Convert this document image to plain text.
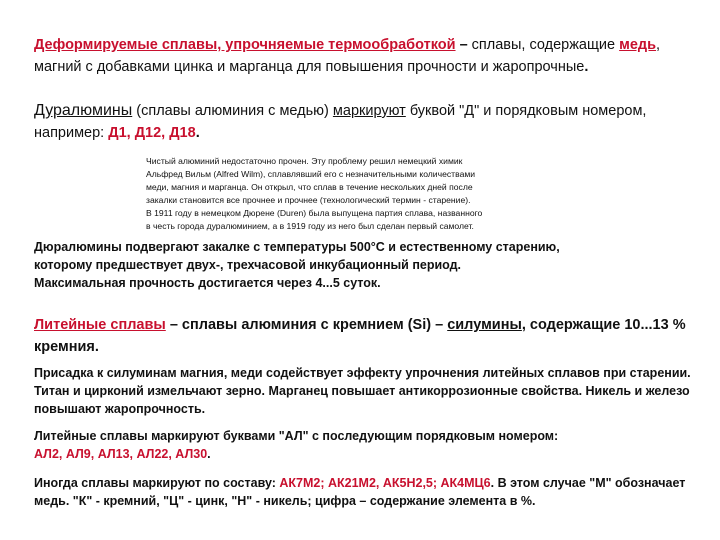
Деформируемые сплавы, упрочняемые термообработкой – сплавы, содержащие медь, магний с добавками цинка и марганца для повышения прочности и жаропрочные.

Дуралюмины (сплавы алюминия с медью) маркируют буквой "Д" и порядковым номером, например: Д1, Д12, Д18.

Чистый алюминий недостаточно прочен. Эту проблему решил немецкий химик
Альфред Вильм (Alfred Wilm), сплавлявший его с незначительными количествами
меди, магния и марганца. Он открыл, что сплав в течение нескольких дней после
закалки становится все прочнее и прочнее (технологический термин - старение).
В 1911 году в немецком Дюрене (Duren) была выпущена партия сплава, названного
в честь города дуралюминием, а в 1919 году из него был сделан первый самолет.
Дюралюмины подвергают закалке с температуры 500°С и естественному старению,
которому предшествует двух-, трехчасовой инкубационный период.
Максимальная прочность достигается через 4...5 суток.

Литейные сплавы – сплавы алюминия с кремнием (Si) – силумины, содержащие 10...13 % кремния.

Присадка к силуминам магния, меди содействует эффекту упрочнения литейных сплавов при старении. Титан и цирконий измельчают зерно. Марганец повышает антикоррозионные свойства. Никель и железо повышают жаропрочность.

Литейные сплавы маркируют буквами "АЛ" с последующим порядковым номером:
АЛ2, АЛ9, АЛ13, АЛ22, АЛ30.

Иногда сплавы маркируют по составу: АК7М2; АК21М2, АК5Н2,5; АК4МЦ6. В этом случае "М" обозначает медь. "К" - кремний, "Ц" - цинк, "Н" - никель; цифра – содержание элемента в %.
